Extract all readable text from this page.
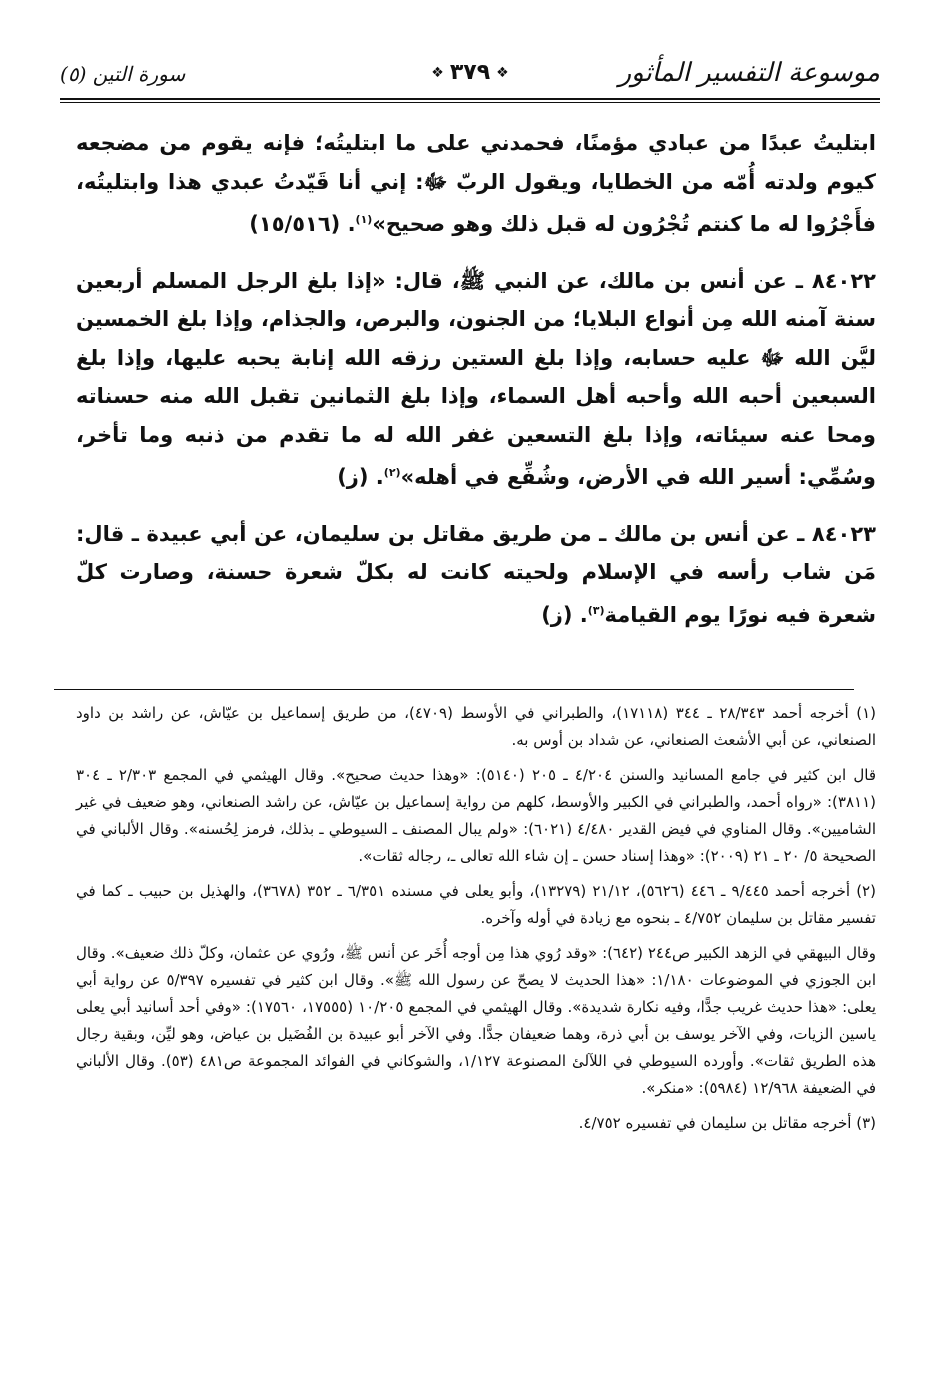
موسوعة التفسير المأثور
❖٣٧٩❖
سورة التين (٥)

ابتليتُ عبدًا من عبادي مؤمنًا، فحمدني على ما ابتليتُه؛ فإنه يقوم من مضجعه كيوم ولدته أُمّه من الخطايا، ويقول الربّ ﷻ: إني أنا قَيّدتُ عبدي هذا وابتليتُه، فأَجْرُوا له ما كنتم تُجْرُون له قبل ذلك وهو صحيح»$^{(١)}$. (١٥/٥١٦)

٨٤٠٢٢ ـ عن أنس بن مالك، عن النبي ﷺ، قال: «إذا بلغ الرجل المسلم أربعين سنة آمنه الله مِن أنواع البلايا؛ من الجنون، والبرص، والجذام، وإذا بلغ الخمسين ليَّن الله ﷻ عليه حسابه، وإذا بلغ الستين رزقه الله إنابة يحبه عليها، وإذا بلغ السبعين أحبه الله وأحبه أهل السماء، وإذا بلغ الثمانين تقبل الله منه حسناته ومحا عنه سيئاته، وإذا بلغ التسعين غفر الله له ما تقدم من ذنبه وما تأخر، وسُمِّي: أسير الله في الأرض، وشُفِّع في أهله»$^{(٢)}$. (ز)

٨٤٠٢٣ ـ عن أنس بن مالك ـ من طريق مقاتل بن سليمان، عن أبي عبيدة ـ قال: مَن شاب رأسه في الإسلام ولحيته كانت له بكلّ شعرة حسنة، وصارت كلّ شعرة فيه نورًا يوم القيامة$^{(٣)}$. (ز)

(١) أخرجه أحمد ٢٨/٣٤٣ ـ ٣٤٤ (١٧١١٨)، والطبراني في الأوسط (٤٧٠٩)، من طريق إسماعيل بن عيّاش، عن راشد بن داود الصنعاني، عن أبي الأشعث الصنعاني، عن شداد بن أوس به.

قال ابن كثير في جامع المسانيد والسنن ٤/٢٠٤ ـ ٢٠٥ (٥١٤٠): «وهذا حديث صحيح». وقال الهيثمي في المجمع ٢/٣٠٣ ـ ٣٠٤ (٣٨١١): «رواه أحمد، والطبراني في الكبير والأوسط، كلهم من رواية إسماعيل بن عيّاش، عن راشد الصنعاني، وهو ضعيف في غير الشاميين». وقال المناوي في فيض القدير ٤/٤٨٠ (٦٠٢١): «ولم يبال المصنف ـ السيوطي ـ بذلك، فرمز لِحُسنه». وقال الألباني في الصحيحة ٥/ ٢٠ ـ ٢١ (٢٠٠٩): «وهذا إسناد حسن ـ إن شاء الله تعالى ـ، رجاله ثقات».

(٢) أخرجه أحمد ٩/٤٤٥ ـ ٤٤٦ (٥٦٢٦)، ٢١/١٢ (١٣٢٧٩)، وأبو يعلى في مسنده ٦/٣٥١ ـ ٣٥٢ (٣٦٧٨)، والهذيل بن حبيب ـ كما في تفسير مقاتل بن سليمان ٤/٧٥٢ ـ بنحوه مع زيادة في أوله وآخره.

وقال البيهقي في الزهد الكبير ص٢٤٤ (٦٤٢): «وقد رُوي هذا مِن أوجه أُخَر عن أنس ﷺ، ورُوي عن عثمان، وكلّ ذلك ضعيف». وقال ابن الجوزي في الموضوعات ١/١٨٠: «هذا الحديث لا يصحّ عن رسول الله ﷺ». وقال ابن كثير في تفسيره ٥/٣٩٧ عن رواية أبي يعلى: «هذا حديث غريب جدًّا، وفيه نكارة شديدة». وقال الهيثمي في المجمع ١٠/٢٠٥ (١٧٥٥٥، ١٧٥٦٠): «وفي أحد أسانيد أبي يعلى ياسين الزيات، وفي الآخر يوسف بن أبي ذرة، وهما ضعيفان جدًّا. وفي الآخر أبو عبيدة بن الفُضَيل بن عياض، وهو ليِّن، وبقية رجال هذه الطريق ثقات». وأورده السيوطي في اللآلئ المصنوعة ١/١٢٧، والشوكاني في الفوائد المجموعة ص٤٨١ (٥٣). وقال الألباني في الضعيفة ١٢/٩٦٨ (٥٩٨٤): «منكر».

(٣) أخرجه مقاتل بن سليمان في تفسيره ٤/٧٥٢.
